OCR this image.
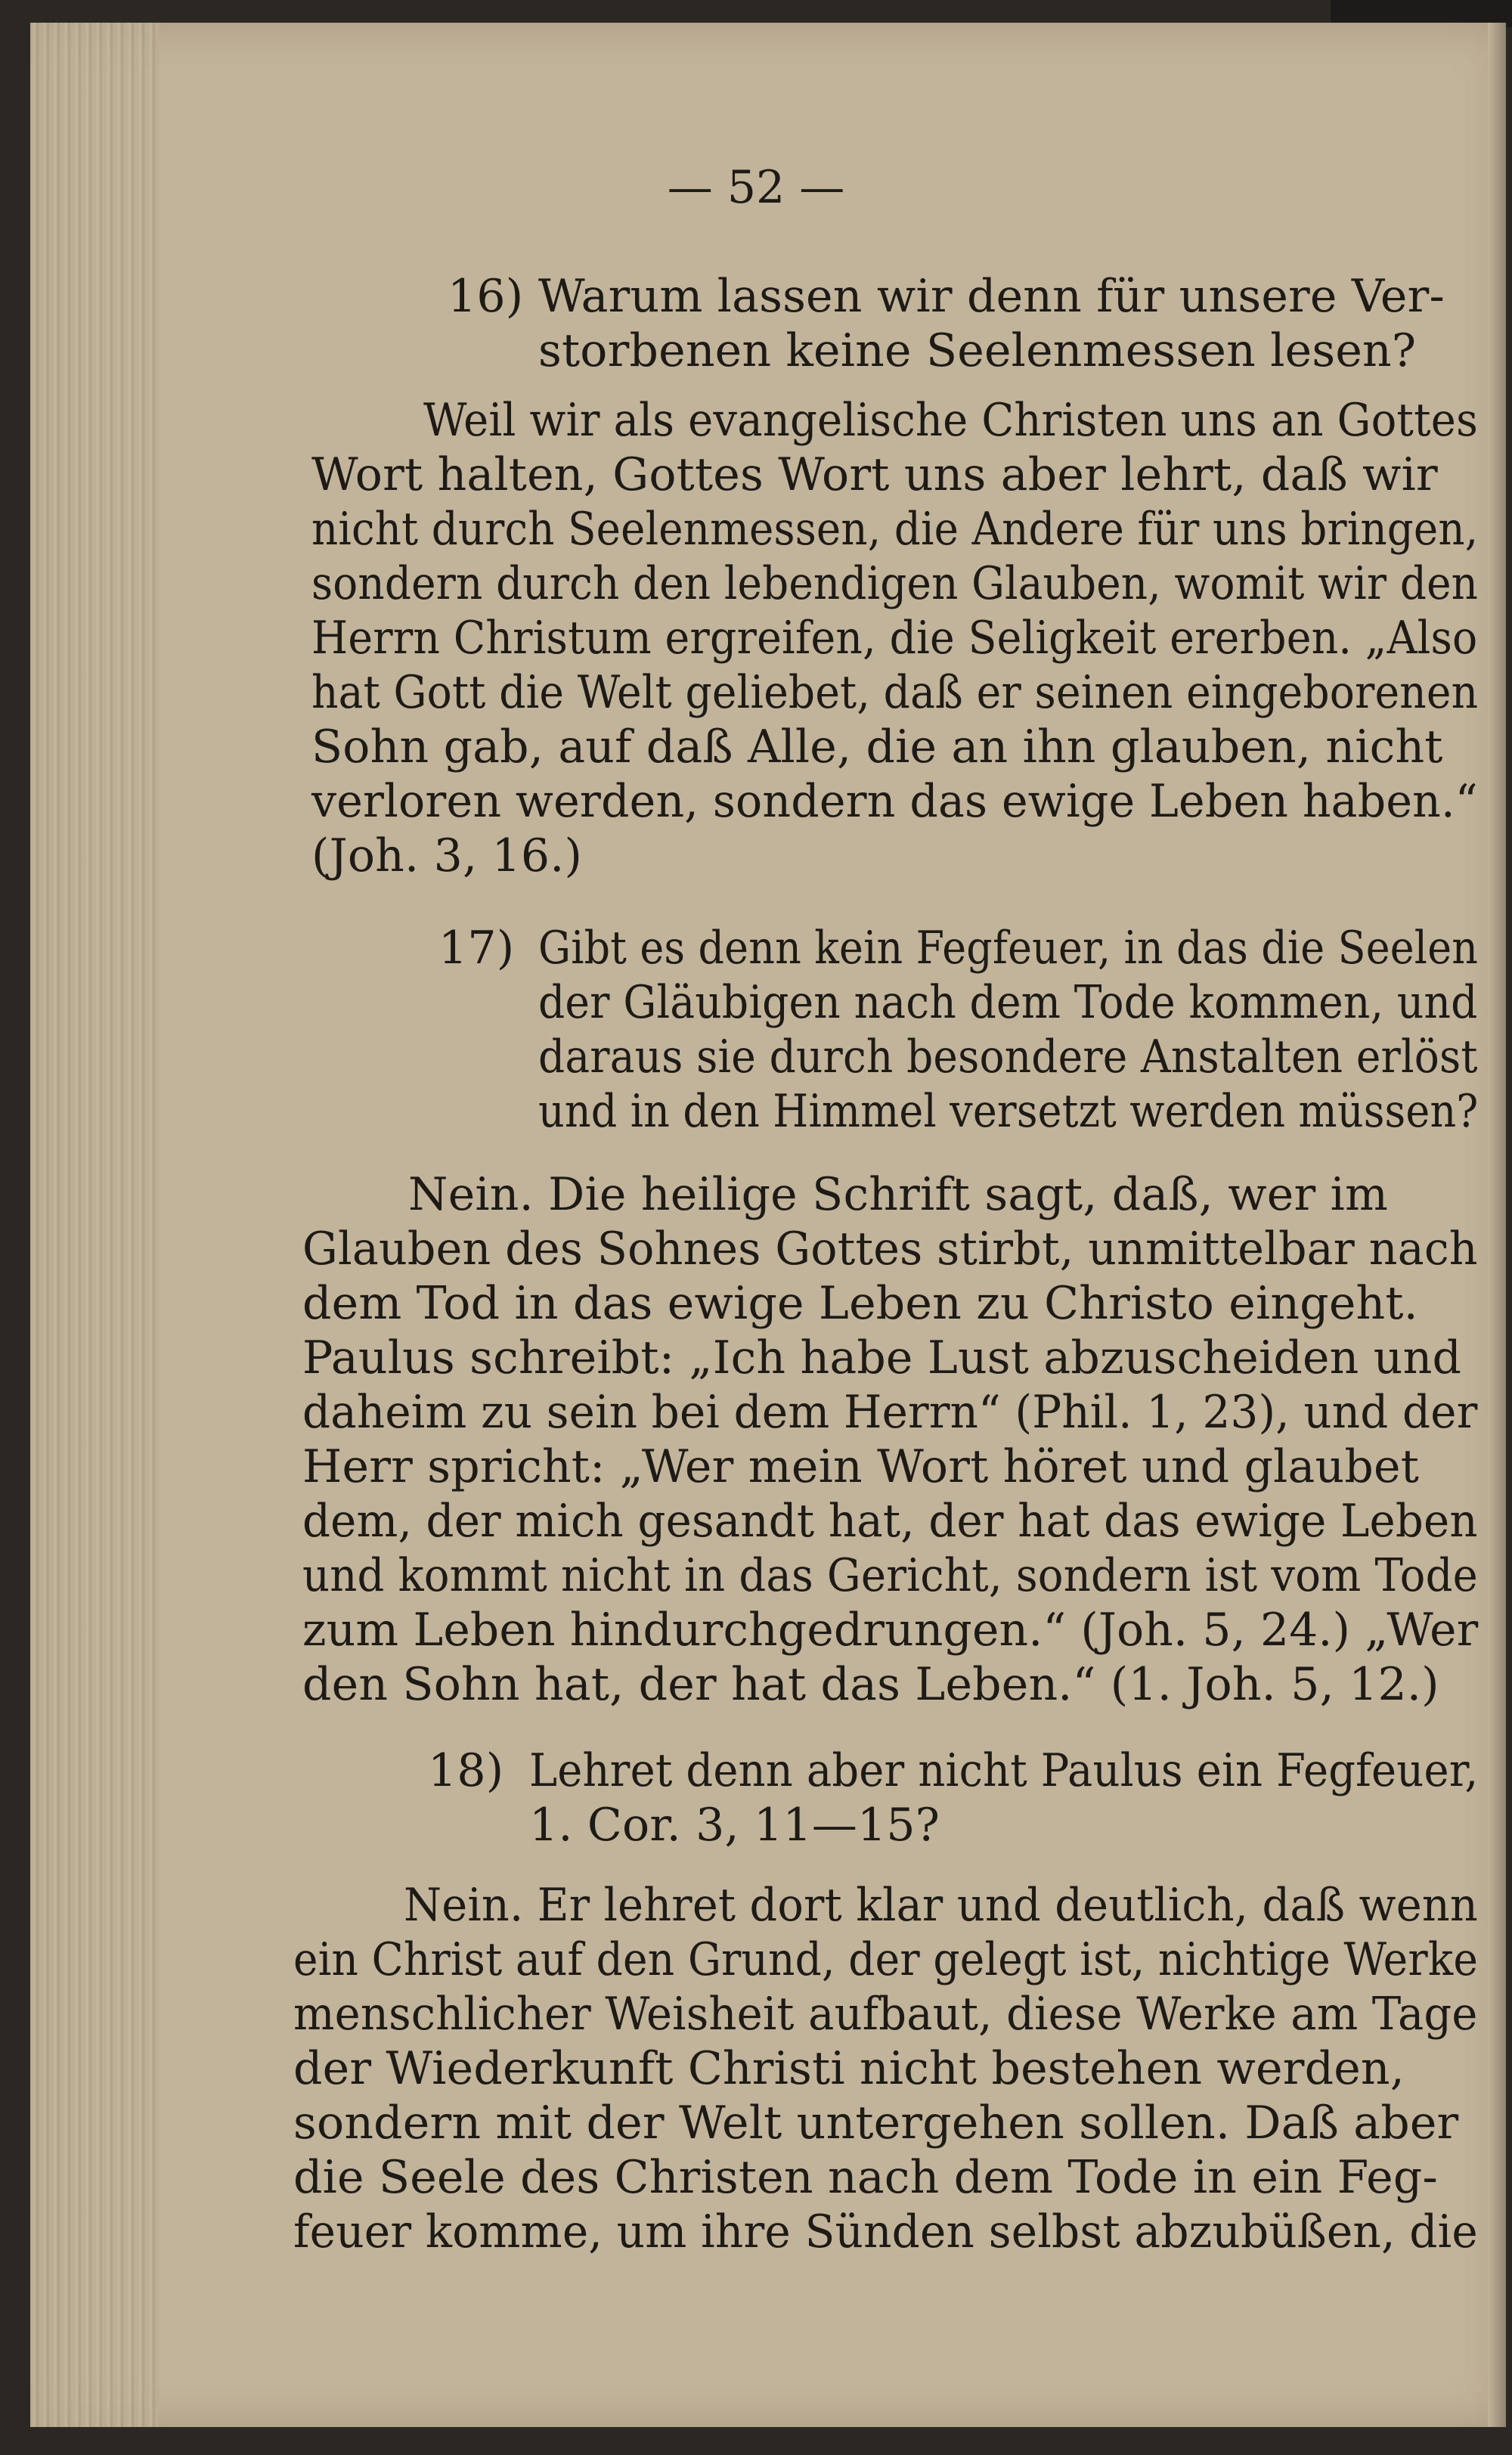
— 52 —
16) Warum lassen wir denn für unsere Ver-
storbenen keine Seelenmessen lesen?
Weil wir als evangelische Christen uns an Gottes
Wort halten, Gottes Wort uns aber lehrt, daß wir
nicht durch Seelenmessen, die Andere für uns bringen,
sondern durch den lebendigen Glauben, womit wir den
Herrn Christum ergreifen, die Seligkeit ererben. „Also
hat Gott die Welt geliebet, daß er seinen eingeborenen
Sohn gab, auf daß Alle, die an ihn glauben, nicht
verloren werden, sondern das ewige Leben haben.“
(Joh. 3, 16.)
17) Gibt es denn kein Fegfeuer, in das die Seelen
der Gläubigen nach dem Tode kommen, und
daraus sie durch besondere Anstalten erlöst
und in den Himmel versetzt werden müssen?
Nein. Die heilige Schrift sagt, daß, wer im
Glauben des Sohnes Gottes stirbt, unmittelbar nach
dem Tod in das ewige Leben zu Christo eingeht.
Paulus schreibt: „Ich habe Lust abzuscheiden und
daheim zu sein bei dem Herrn“ (Phil. 1, 23), und der
Herr spricht: „Wer mein Wort höret und glaubet
dem, der mich gesandt hat, der hat das ewige Leben
und kommt nicht in das Gericht, sondern ist vom Tode
zum Leben hindurchgedrungen.“ (Joh. 5, 24.) „Wer
den Sohn hat, der hat das Leben.“ (1. Joh. 5, 12.)
18) Lehret denn aber nicht Paulus ein Fegfeuer,
1. Cor. 3, 11—15?
Nein. Er lehret dort klar und deutlich, daß wenn
ein Christ auf den Grund, der gelegt ist, nichtige Werke
menschlicher Weisheit aufbaut, diese Werke am Tage
der Wiederkunft Christi nicht bestehen werden,
sondern mit der Welt untergehen sollen. Daß aber
die Seele des Christen nach dem Tode in ein Feg-
feuer komme, um ihre Sünden selbst abzubüßen, die
